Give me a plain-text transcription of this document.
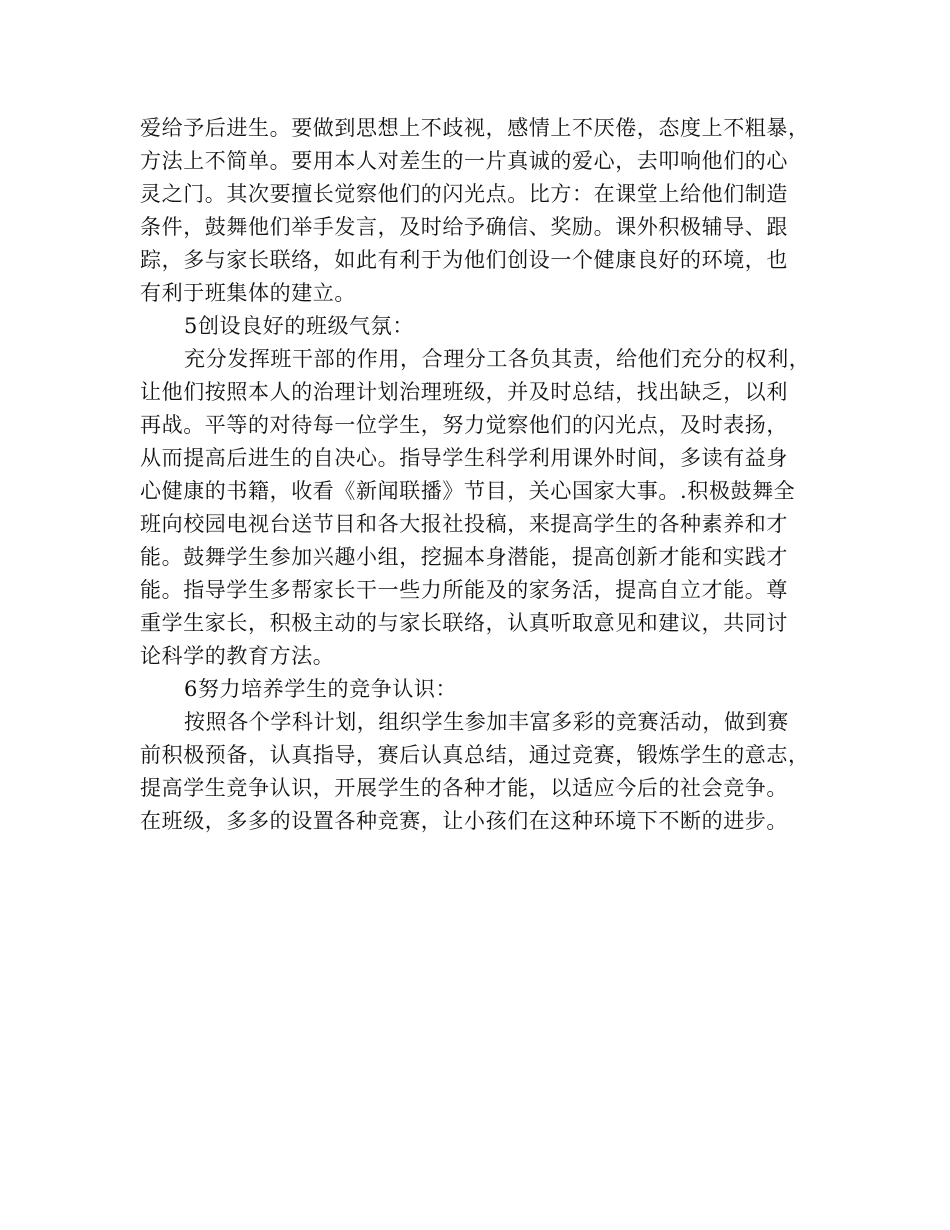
爱给予后进生。要做到思想上不歧视，感情上不厌倦，态度上不粗暴，
方法上不简单。要用本人对差生的一片真诚的爱心，去叩响他们的心
灵之门。其次要擅长觉察他们的闪光点。比方：在课堂上给他们制造
条件，鼓舞他们举手发言，及时给予确信、奖励。课外积极辅导、跟
踪，多与家长联络，如此有利于为他们创设一个健康良好的环境，也
有利于班集体的建立。
5创设良好的班级气氛：
充分发挥班干部的作用，合理分工各负其责，给他们充分的权利，
让他们按照本人的治理计划治理班级，并及时总结，找出缺乏，以利
再战。平等的对待每一位学生，努力觉察他们的闪光点，及时表扬，
从而提高后进生的自决心。指导学生科学利用课外时间，多读有益身
心健康的书籍，收看《新闻联播》节目，关心国家大事。.积极鼓舞全
班向校园电视台送节目和各大报社投稿，来提高学生的各种素养和才
能。鼓舞学生参加兴趣小组，挖掘本身潜能，提高创新才能和实践才
能。指导学生多帮家长干一些力所能及的家务活，提高自立才能。尊
重学生家长，积极主动的与家长联络，认真听取意见和建议，共同讨
论科学的教育方法。
6努力培养学生的竞争认识：
按照各个学科计划，组织学生参加丰富多彩的竞赛活动，做到赛
前积极预备，认真指导，赛后认真总结，通过竞赛，锻炼学生的意志，
提高学生竞争认识，开展学生的各种才能，以适应今后的社会竞争。
在班级，多多的设置各种竞赛，让小孩们在这种环境下不断的进步。
